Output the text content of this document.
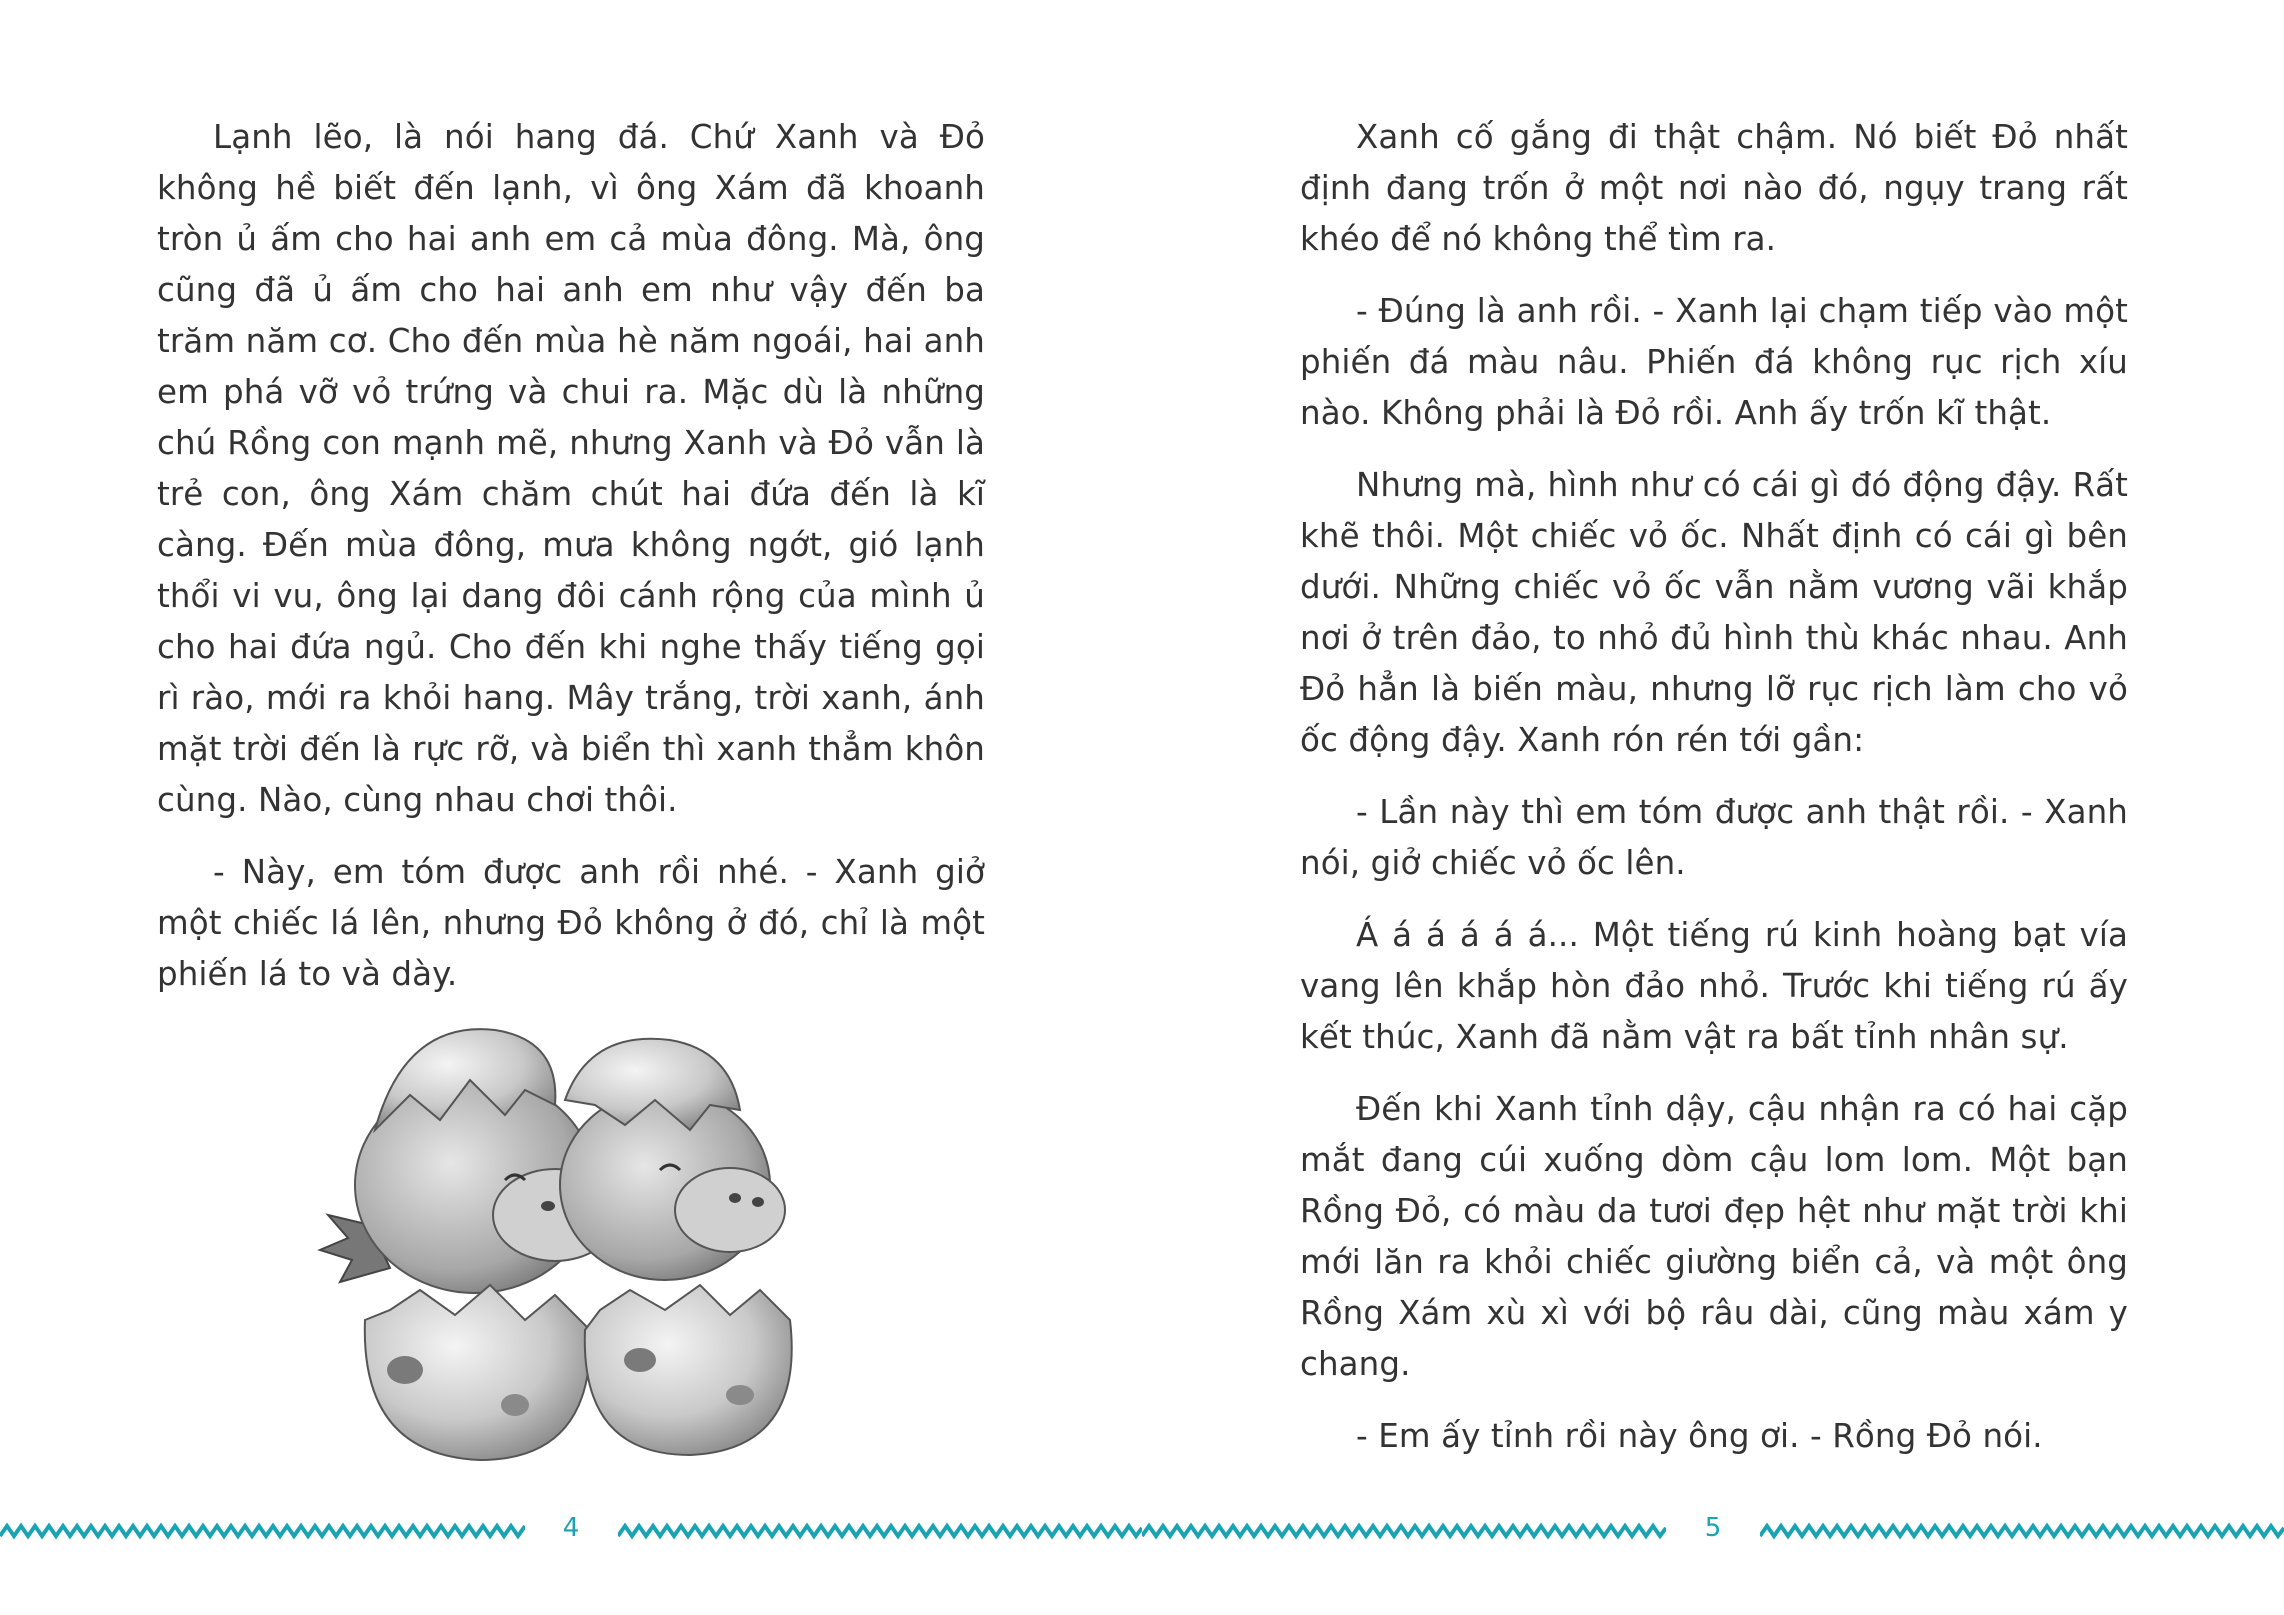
Lạnh lẽo, là nói hang đá. Chứ Xanh và Đỏ không hề biết đến lạnh, vì ông Xám đã khoanh tròn ủ ấm cho hai anh em cả mùa đông. Mà, ông cũng đã ủ ấm cho hai anh em như vậy đến ba trăm năm cơ. Cho đến mùa hè năm ngoái, hai anh em phá vỡ vỏ trứng và chui ra. Mặc dù là những chú Rồng con mạnh mẽ, nhưng Xanh và Đỏ vẫn là trẻ con, ông Xám chăm chút hai đứa đến là kĩ càng. Đến mùa đông, mưa không ngớt, gió lạnh thổi vi vu, ông lại dang đôi cánh rộng của mình ủ cho hai đứa ngủ. Cho đến khi nghe thấy tiếng gọi rì rào, mới ra khỏi hang. Mây trắng, trời xanh, ánh mặt trời đến là rực rỡ, và biển thì xanh thẳm khôn cùng. Nào, cùng nhau chơi thôi.

- Này, em tóm được anh rồi nhé. - Xanh giở một chiếc lá lên, nhưng Đỏ không ở đó, chỉ là một phiến lá to và dày.

4

Xanh cố gắng đi thật chậm. Nó biết Đỏ nhất định đang trốn ở một nơi nào đó, ngụy trang rất khéo để nó không thể tìm ra.

- Đúng là anh rồi. - Xanh lại chạm tiếp vào một phiến đá màu nâu. Phiến đá không rục rịch xíu nào. Không phải là Đỏ rồi. Anh ấy trốn kĩ thật.

Nhưng mà, hình như có cái gì đó động đậy. Rất khẽ thôi. Một chiếc vỏ ốc. Nhất định có cái gì bên dưới. Những chiếc vỏ ốc vẫn nằm vương vãi khắp nơi ở trên đảo, to nhỏ đủ hình thù khác nhau. Anh Đỏ hẳn là biến màu, nhưng lỡ rục rịch làm cho vỏ ốc động đậy. Xanh rón rén tới gần:

- Lần này thì em tóm được anh thật rồi. - Xanh nói, giở chiếc vỏ ốc lên.

Á á á á á á... Một tiếng rú kinh hoàng bạt vía vang lên khắp hòn đảo nhỏ. Trước khi tiếng rú ấy kết thúc, Xanh đã nằm vật ra bất tỉnh nhân sự.

Đến khi Xanh tỉnh dậy, cậu nhận ra có hai cặp mắt đang cúi xuống dòm cậu lom lom. Một bạn Rồng Đỏ, có màu da tươi đẹp hệt như mặt trời khi mới lăn ra khỏi chiếc giường biển cả, và một ông Rồng Xám xù xì với bộ râu dài, cũng màu xám y chang.

- Em ấy tỉnh rồi này ông ơi. - Rồng Đỏ nói.

5
